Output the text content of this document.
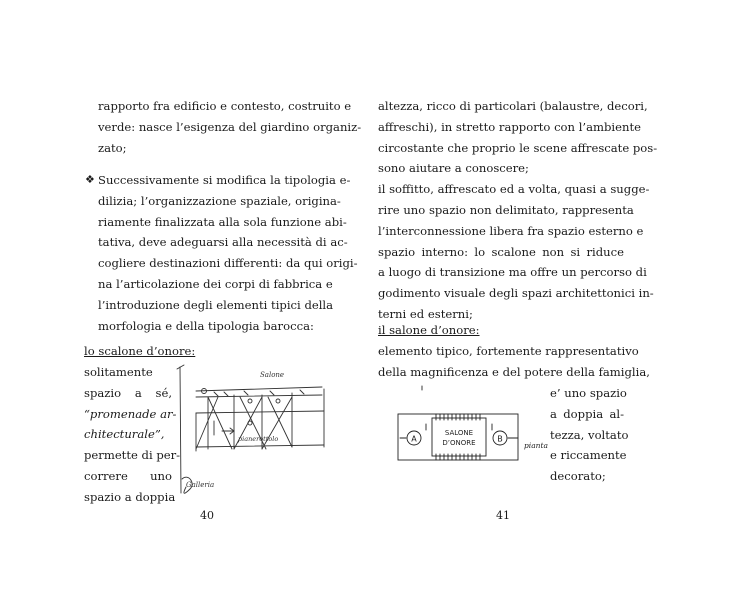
rapporto fra edificio e contesto, costruito e
verde: nasce l’esigenza del giardino organiz-
zato;
❖ Successivamente si modifica la tipologia e-
dilizia; l’organizzazione spaziale, origina-
riamente finalizzata alla sola funzione abi-
tativa, deve adeguarsi alla necessità di ac-
cogliere destinazioni differenti: da qui origi-
na l’articolazione dei corpi di fabbrica e
l’introduzione degli elementi tipici della
morfologia e della tipologia barocca:

lo scalone d’onore:

solitamente
spazio a sé,
“promenade ar-
chitecturale”,
permette di per-
correre uno
spazio a doppia
Salone
pianerottolo
Galleria
40
altezza, ricco di particolari (balaustre, decori,
affreschi), in stretto rapporto con l’ambiente
circostante che proprio le scene affrescate pos-
sono aiutare a conoscere;
il soffitto, affrescato ed a volta, quasi a sugge-
rire uno spazio non delimitato, rappresenta
l’interconnessione libera fra spazio esterno e
spazio interno: lo scalone non si riduce
a luogo di transizione ma offre un percorso di
godimento visuale degli spazi architettonici in-
terni ed esterni;

il salone d’onore:

elemento tipico, fortemente rappresentativo
della magnificenza e del potere della famiglia,
e’ uno spazio
a doppia al-
tezza, voltato
e riccamente
decorato;
A	B
SALONE
D’ONORE	pianta
41
